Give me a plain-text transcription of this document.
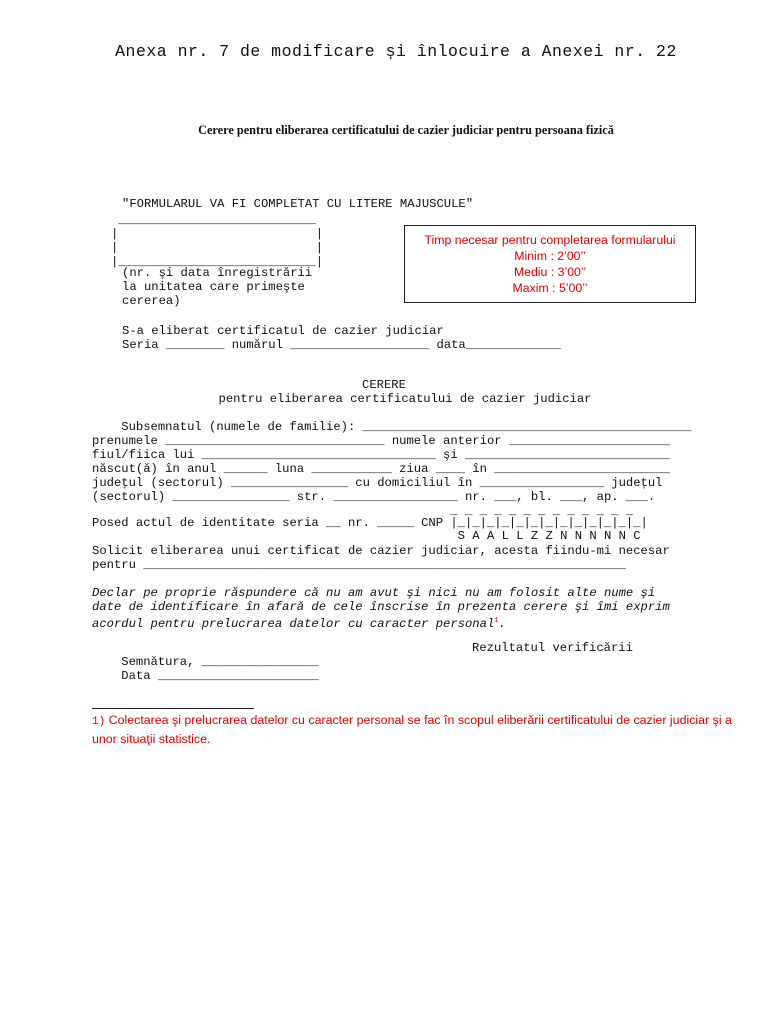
Anexa nr. 7 de modificare și înlocuire a Anexei nr. 22
Cerere pentru eliberarea certificatului de cazier judiciar pentru persoana fizică
"FORMULARUL VA FI COMPLETAT CU LITERE MAJUSCULE"
___________________________
|                           |
|                           |
|___________________________|
(nr. şi data înregistrării
la unitatea care primeşte
cererea)
Timp necesar pentru completarea formularului
Minim : 2’00’’
Mediu : 3’00’’
Maxim : 5’00’’
S-a eliberat certificatul de cazier judiciar
Seria ________ numărul ___________________ data_____________
CERERE
pentru eliberarea certificatului de cazier judiciar
Subsemnatul (numele de familie): _____________________________________________
prenumele ______________________________ numele anterior ______________________
fiul/fiica lui ________________________________ şi ____________________________
născut(ă) în anul ______ luna ___________ ziua ____ în ________________________
judeţul (sectorul) ________________ cu domiciliul în _________________ judeţul
(sectorul) ________________ str. _________________ nr. ___, bl. ___, ap. ___.
_ _ _ _ _ _ _ _ _ _ _ _ _
Posed actul de identitate seria __ nr. _____ CNP |_|_|_|_|_|_|_|_|_|_|_|_|_|
S A A L L Z Z N N N N N C
Solicit eliberarea unui certificat de cazier judiciar, acesta fiindu-mi necesar
pentru __________________________________________________________________
Declar pe proprie răspundere că nu am avut şi nici nu am folosit alte nume şi
date de identificare în afară de cele înscrise în prezenta cerere şi îmi exprim
acordul pentru prelucrarea datelor cu caracter personal$^1$.
Rezultatul verificării
Semnătura, ________________
Data ______________________
1) Colectarea şi prelucrarea datelor cu caracter personal se fac în scopul eliberării certificatului de cazier judiciar şi a unor situaţii statistice.
